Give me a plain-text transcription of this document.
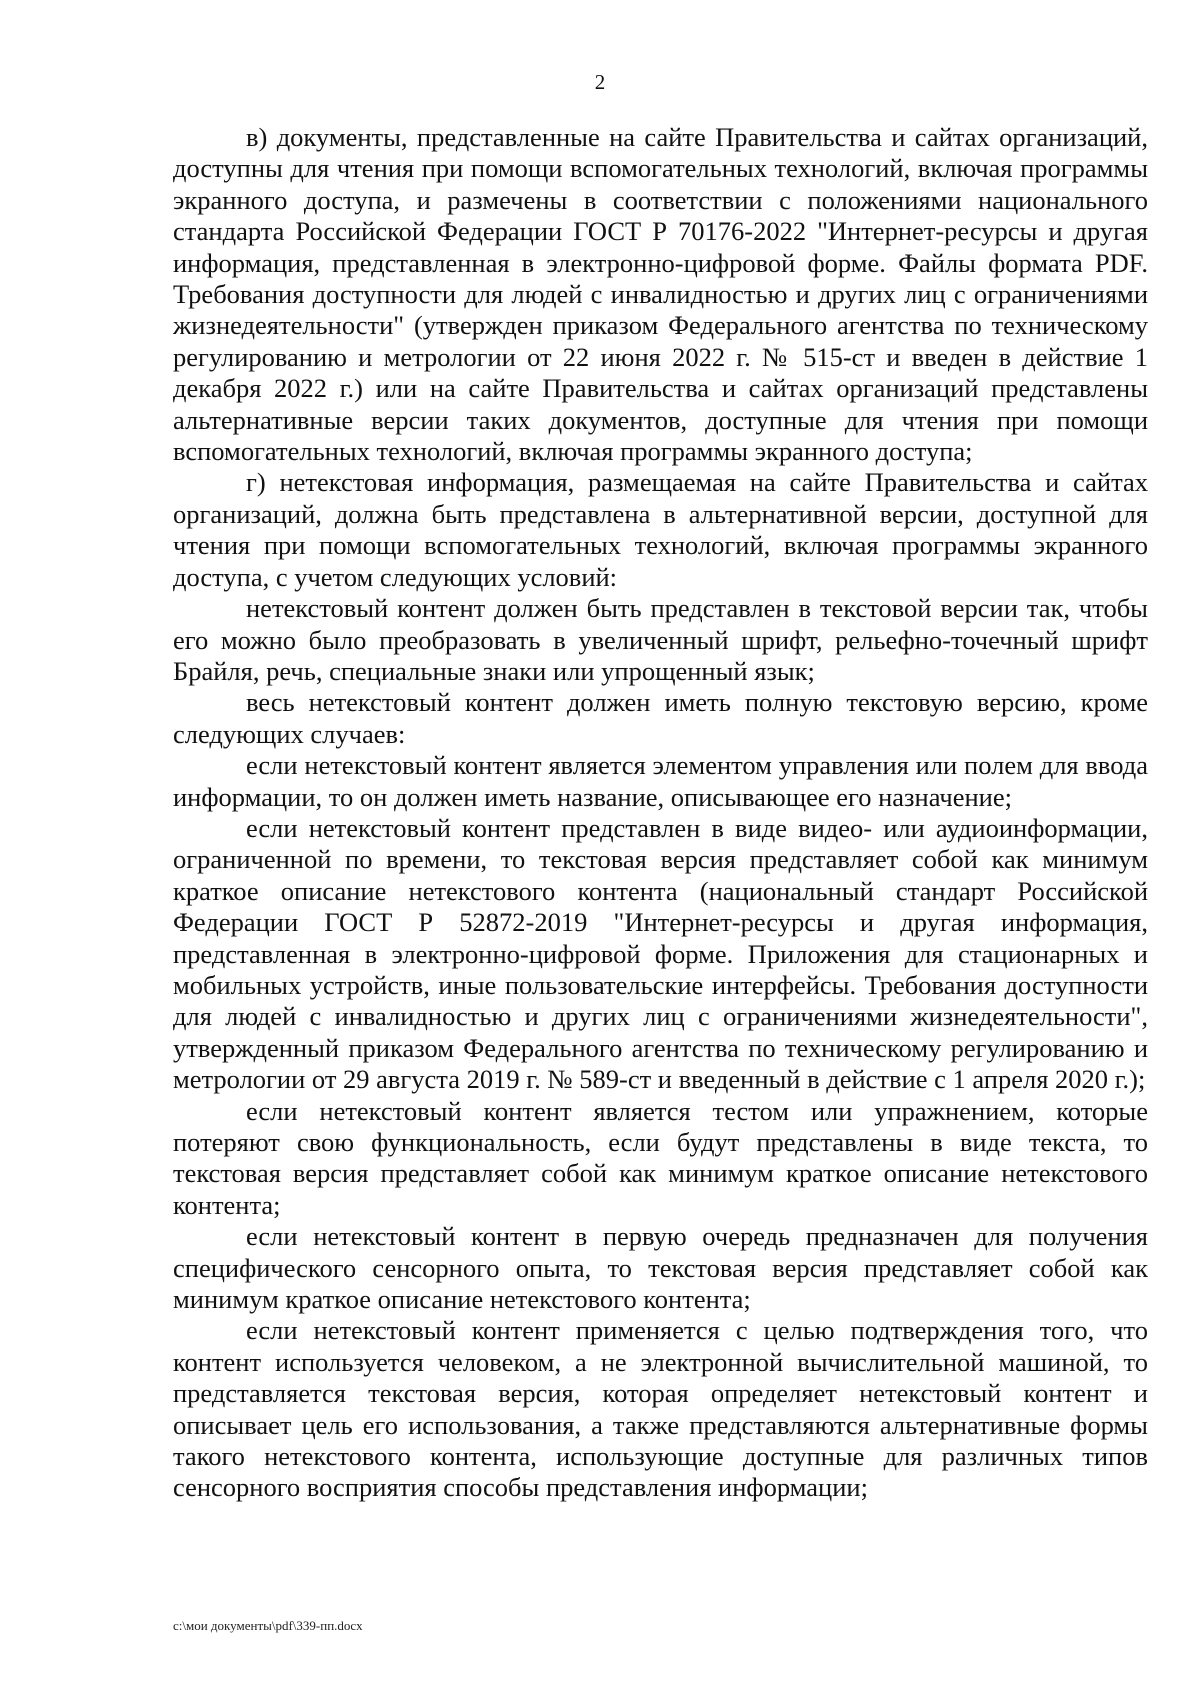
2

в) документы, представленные на сайте Правительства и сайтах организаций, доступны для чтения при помощи вспомогательных технологий, включая программы экранного доступа, и размечены в соответствии с положениями национального стандарта Российской Федерации ГОСТ Р 70176-2022 "Интернет-ресурсы и другая информация, представленная в электронно-цифровой форме. Файлы формата PDF. Требования доступности для людей с инвалидностью и других лиц с ограничениями жизнедеятельности" (утвержден приказом Федерального агентства по техническому регулированию и метрологии от 22 июня 2022 г. № 515-ст и введен в действие 1 декабря 2022 г.) или на сайте Правительства и сайтах организаций представлены альтернативные версии таких документов, доступные для чтения при помощи вспомогательных технологий, включая программы экранного доступа;

г) нетекстовая информация, размещаемая на сайте Правительства и сайтах организаций, должна быть представлена в альтернативной версии, доступной для чтения при помощи вспомогательных технологий, включая программы экранного доступа, с учетом следующих условий:

нетекстовый контент должен быть представлен в текстовой версии так, чтобы его можно было преобразовать в увеличенный шрифт, рельефно-точечный шрифт Брайля, речь, специальные знаки или упрощенный язык;

весь нетекстовый контент должен иметь полную текстовую версию, кроме следующих случаев:

если нетекстовый контент является элементом управления или полем для ввода информации, то он должен иметь название, описывающее его назначение;

если нетекстовый контент представлен в виде видео- или аудиоинформации, ограниченной по времени, то текстовая версия представляет собой как минимум краткое описание нетекстового контента (национальный стандарт Российской Федерации ГОСТ Р 52872-2019 "Интернет-ресурсы и другая информация, представленная в электронно-цифровой форме. Приложения для стационарных и мобильных устройств, иные пользовательские интерфейсы. Требования доступности для людей с инвалидностью и других лиц с ограничениями жизнедеятельности", утвержденный приказом Федерального агентства по техническому регулированию и метрологии от 29 августа 2019 г. № 589-ст и введенный в действие с 1 апреля 2020 г.);

если нетекстовый контент является тестом или упражнением, которые потеряют свою функциональность, если будут представлены в виде текста, то текстовая версия представляет собой как минимум краткое описание нетекстового контента;

если нетекстовый контент в первую очередь предназначен для получения специфического сенсорного опыта, то текстовая версия представляет собой как минимум краткое описание нетекстового контента;

если нетекстовый контент применяется с целью подтверждения того, что контент используется человеком, а не электронной вычислительной машиной, то представляется текстовая версия, которая определяет нетекстовый контент и описывает цель его использования, а также представляются альтернативные формы такого нетекстового контента, использующие доступные для различных типов сенсорного восприятия способы представления информации;

c:\мои документы\pdf\339-пп.docx
